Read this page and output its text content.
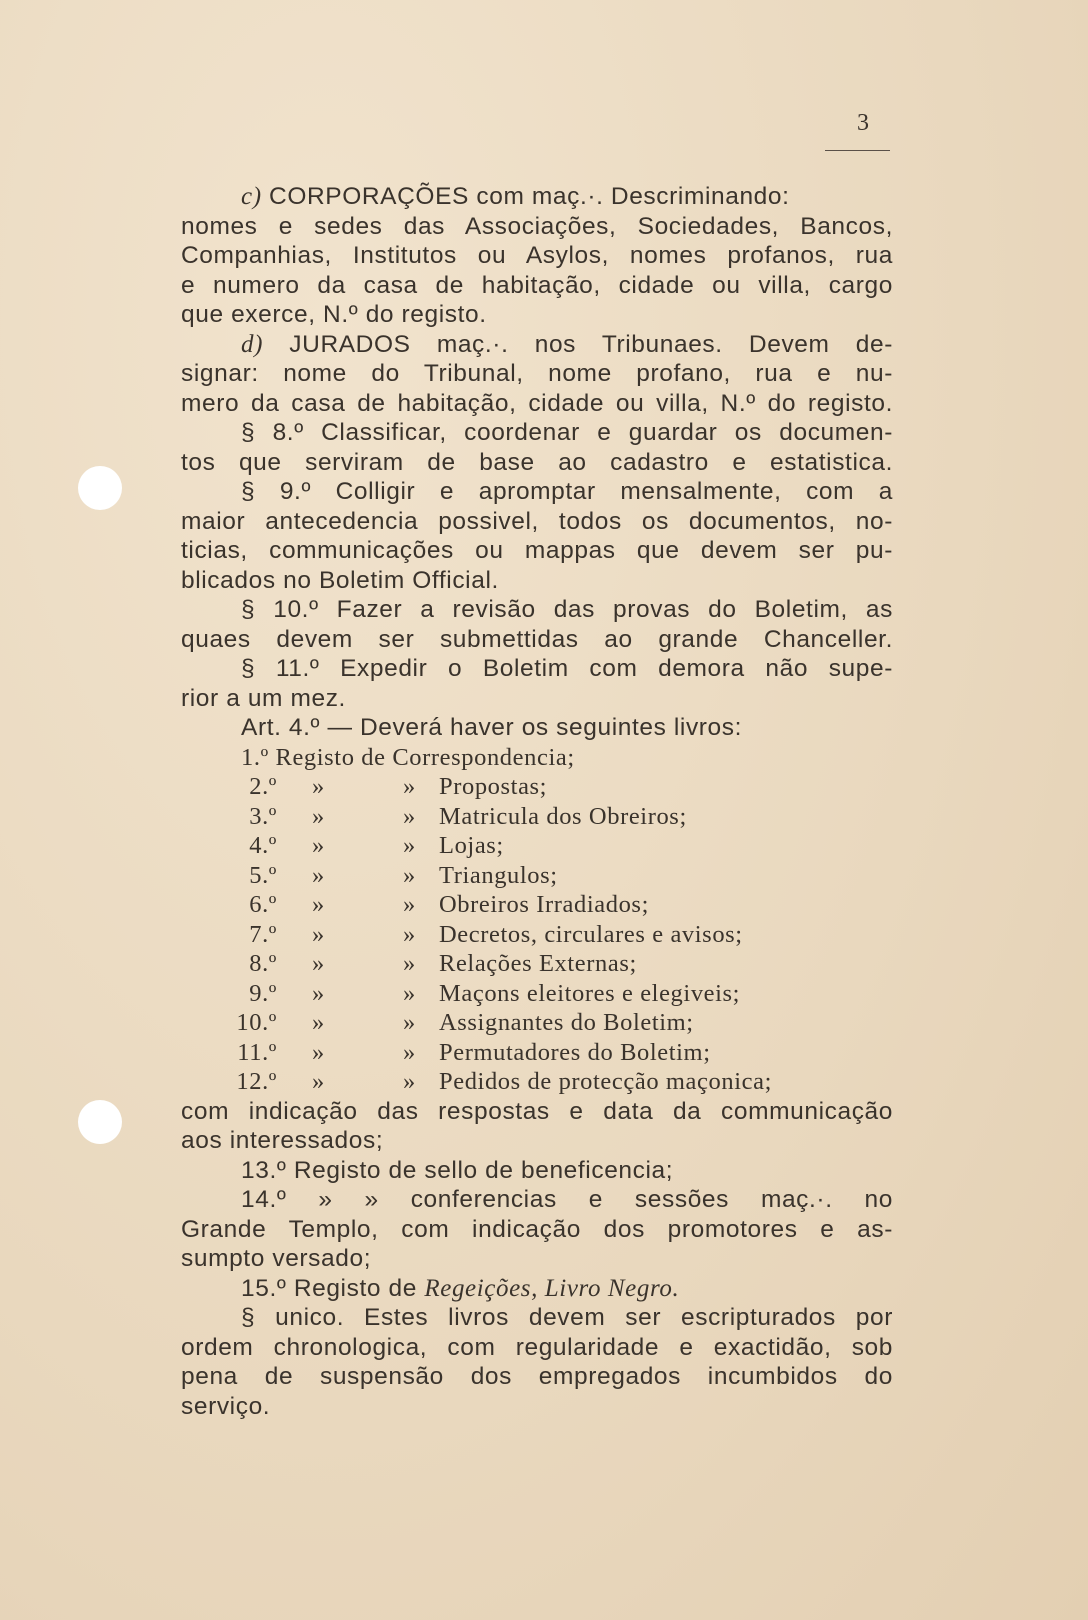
3
c) CORPORAÇÕES com maç.·. Descriminando:
nomes e sedes das Associações, Sociedades, Bancos,
Companhias, Institutos ou Asylos, nomes profanos, rua
e numero da casa de habitação, cidade ou villa, cargo
que exerce, N.º do registo.
d) JURADOS maç.·. nos Tribunaes. Devem de-
signar: nome do Tribunal, nome profano, rua e nu-
mero da casa de habitação, cidade ou villa, N.º do registo.
§ 8.º Classificar, coordenar e guardar os documen-
tos que serviram de base ao cadastro e estatistica.
§ 9.º Colligir e apromptar mensalmente, com a
maior antecedencia possivel, todos os documentos, no-
ticias, communicações ou mappas que devem ser pu-
blicados no Boletim Official.
§ 10.º Fazer a revisão das provas do Boletim, as
quaes devem ser submettidas ao grande Chanceller.
§ 11.º Expedir o Boletim com demora não supe-
rior a um mez.
Art. 4.º — Deverá haver os seguintes livros:
1.º Registo de Correspondencia;
2.º »	» Propostas;
3.º »	» Matricula dos Obreiros;
4.º »	» Lojas;
5.º »	» Triangulos;
6.º »	» Obreiros Irradiados;
7.º »	» Decretos, circulares e avisos;
8.º »	» Relações Externas;
9.º »	» Maçons eleitores e elegiveis;
10.º »	» Assignantes do Boletim;
11.º »	» Permutadores do Boletim;
12.º »	» Pedidos de protecção maçonica;
com indicação das respostas e data da communicação
aos interessados;
13.º Registo de sello de beneficencia;
14.º » » conferencias e sessões maç.·. no
Grande Templo, com indicação dos promotores e as-
sumpto versado;
15.º Registo de Regeições, Livro Negro.
§ unico. Estes livros devem ser escripturados por
ordem chronologica, com regularidade e exactidão, sob
pena de suspensão dos empregados incumbidos do
serviço.
